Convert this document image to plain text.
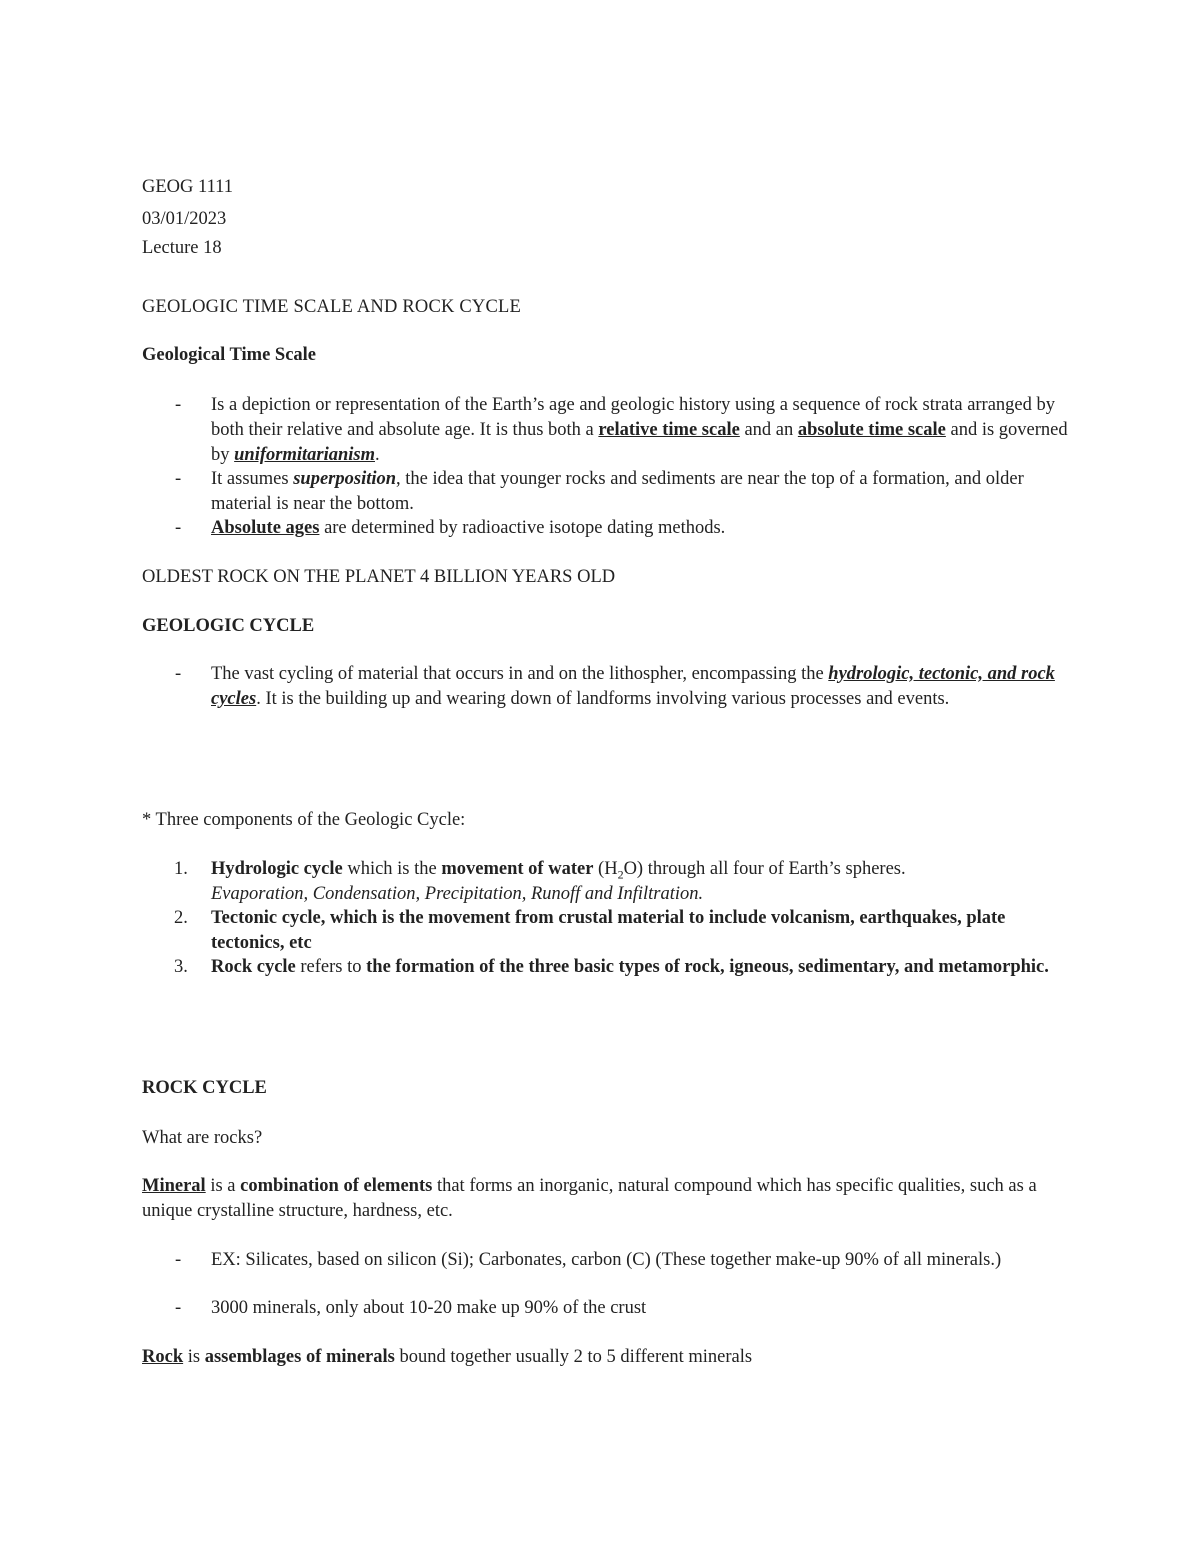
GEOG 1111
03/01/2023
Lecture 18
GEOLOGIC TIME SCALE AND ROCK CYCLE
Geological Time Scale
- Is a depiction or representation of the Earth’s age and geologic history using a sequence of rock strata arranged by both their relative and absolute age. It is thus both a relative time scale and an absolute time scale and is governed by uniformitarianism.
- It assumes superposition, the idea that younger rocks and sediments are near the top of a formation, and older material is near the bottom.
- Absolute ages are determined by radioactive isotope dating methods.
OLDEST ROCK ON THE PLANET 4 BILLION YEARS OLD
GEOLOGIC CYCLE
- The vast cycling of material that occurs in and on the lithospher, encompassing the hydrologic, tectonic, and rock cycles. It is the building up and wearing down of landforms involving various processes and events.
* Three components of the Geologic Cycle:
1. Hydrologic cycle which is the movement of water $(H_2O)$ through all four of Earth’s spheres.
Evaporation, Condensation, Precipitation, Runoff and Infiltration.
2. Tectonic cycle, which is the movement from crustal material to include volcanism, earthquakes, plate tectonics, etc
3. Rock cycle refers to the formation of the three basic types of rock, igneous, sedimentary, and metamorphic.
ROCK CYCLE
What are rocks?
Mineral is a combination of elements that forms an inorganic, natural compound which has specific qualities, such as a unique crystalline structure, hardness, etc.
- EX: Silicates, based on silicon (Si); Carbonates, carbon (C) (These together make-up 90% of all minerals.)
- 3000 minerals, only about 10-20 make up 90% of the crust
Rock is assemblages of minerals bound together usually 2 to 5 different minerals
